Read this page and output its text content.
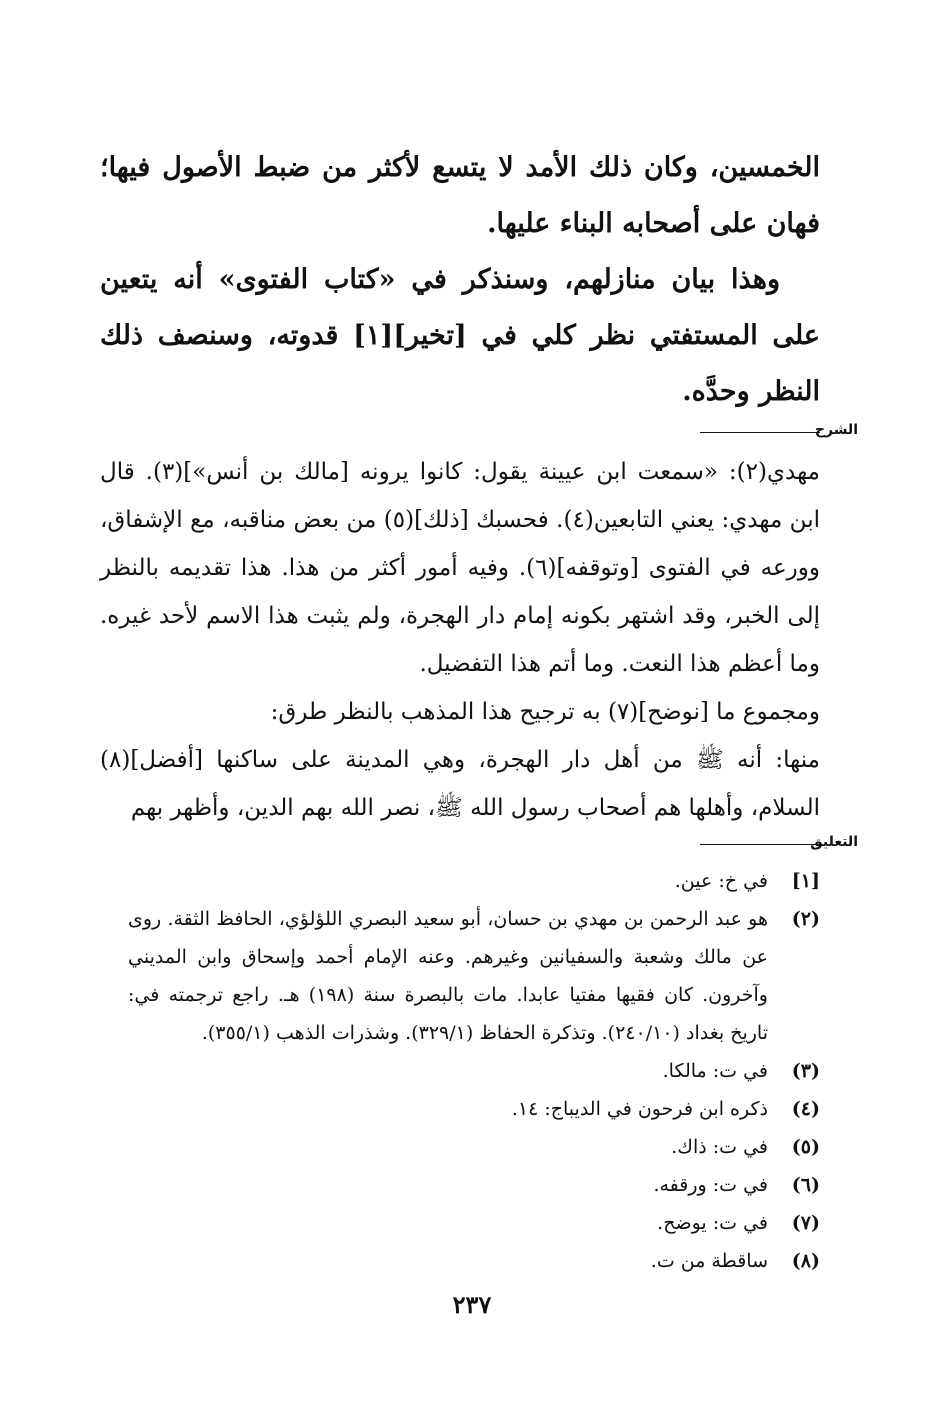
الخمسين، وكان ذلك الأمد لا يتسع لأكثر من ضبط الأصول فيها؛ فهان على أصحابه البناء عليها.

وهذا بيان منازلهم، وسنذكر في «كتاب الفتوى» أنه يتعين على المستفتي نظر كلي في [تخير][١] قدوته، وسنصف ذلك النظر وحدَّه.

الشرح

مهدي(٢): «سمعت ابن عيينة يقول: كانوا يرونه [مالك بن أنس»](٣). قال ابن مهدي: يعني التابعين(٤). فحسبك [ذلك](٥) من بعض مناقبه، مع الإشفاق، وورعه في الفتوى [وتوقفه](٦). وفيه أمور أكثر من هذا. هذا تقديمه بالنظر إلى الخبر، وقد اشتهر بكونه إمام دار الهجرة، ولم يثبت هذا الاسم لأحد غيره. وما أعظم هذا النعت. وما أتم هذا التفضيل.

ومجموع ما [نوضح](٧) به ترجيح هذا المذهب بالنظر طرق:

منها: أنه ﷺ من أهل دار الهجرة، وهي المدينة على ساكنها [أفضل](٨) السلام، وأهلها هم أصحاب رسول الله ﷺ، نصر الله بهم الدين، وأظهر بهم

التعليق
[١]
في خ: عين.
(٢)
هو عبد الرحمن بن مهدي بن حسان، أبو سعيد البصري اللؤلؤي، الحافظ الثقة. روى عن مالك وشعبة والسفيانين وغيرهم. وعنه الإمام أحمد وإسحاق وابن المديني وآخرون. كان فقيها مفتيا عابدا. مات بالبصرة سنة (١٩٨) هـ. راجع ترجمته في: تاريخ بغداد (٢٤٠/١٠). وتذكرة الحفاظ (٣٢٩/١). وشذرات الذهب (٣٥٥/١).
(٣)
في ت: مالكا.
(٤)
ذكره ابن فرحون في الديباج: ١٤.
(٥)
في ت: ذاك.
(٦)
في ت: ورقفه.
(٧)
في ت: يوضح.
(٨)
ساقطة من ت.
٢٣٧
